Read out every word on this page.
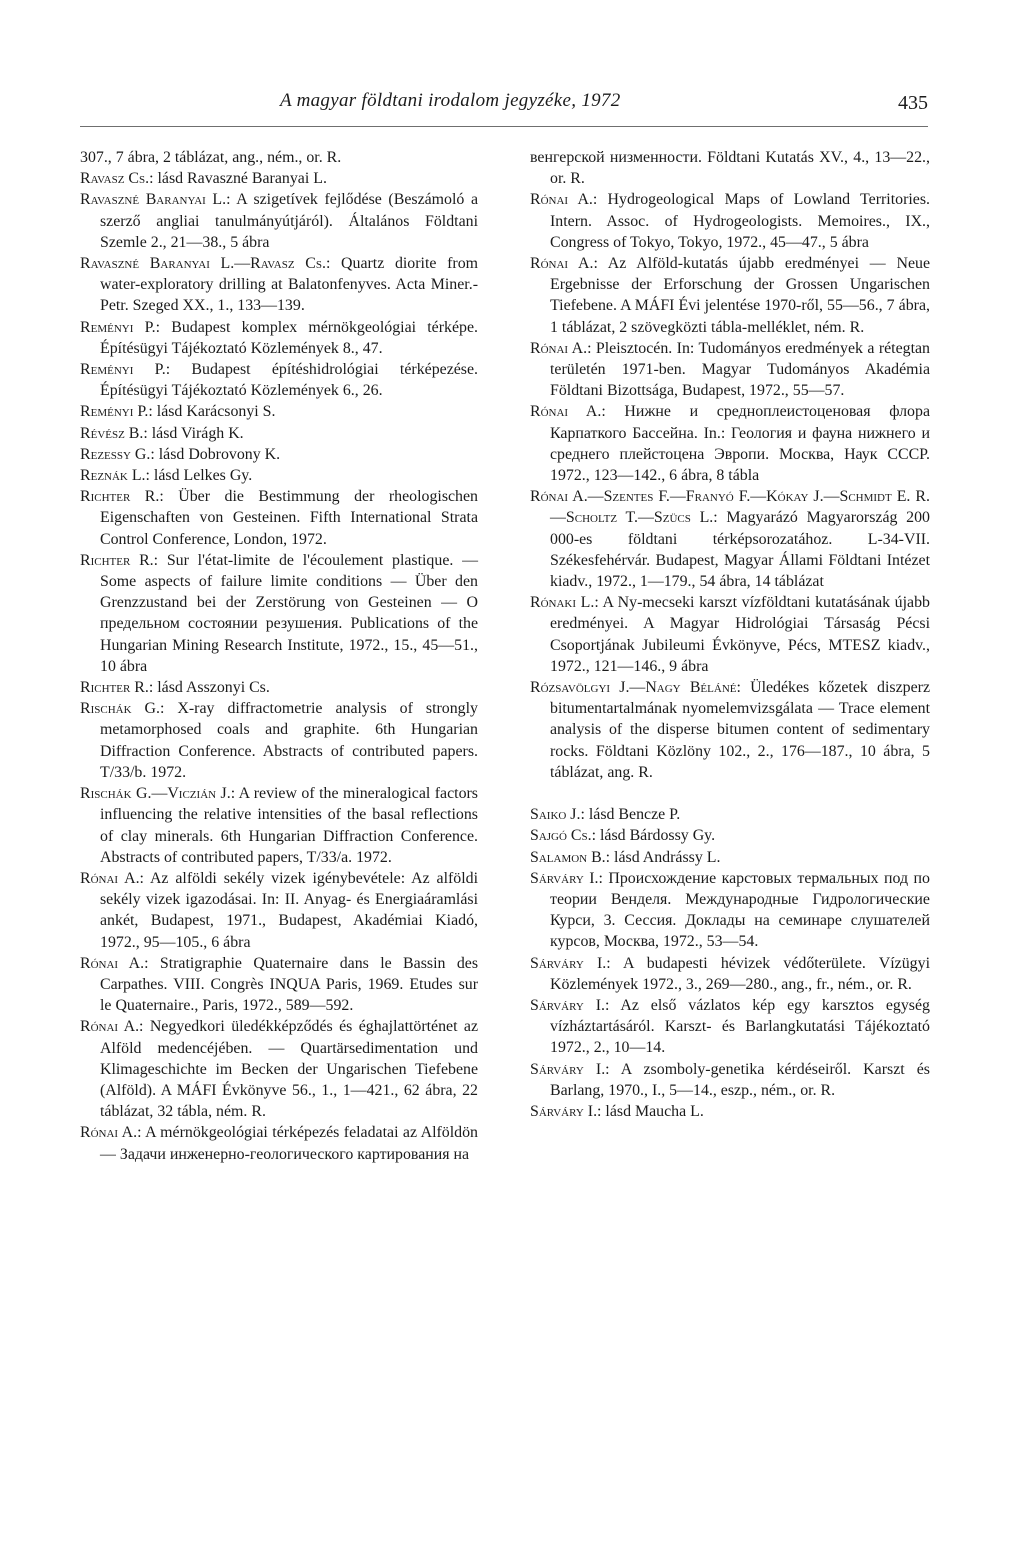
A magyar földtani irodalom jegyzéke, 1972	435

307., 7 ábra, 2 táblázat, ang., ném., or. R.

Ravasz Cs.: lásd Ravaszné Baranyai L.

Ravaszné Baranyai L.: A szigetívek fejlődése (Beszámoló a szerző angliai tanulmányútjáról). Általános Földtani Szemle 2., 21—38., 5 ábra

Ravaszné Baranyai L.—Ravasz Cs.: Quartz diorite from water-exploratory drilling at Balatonfenyves. Acta Miner.-Petr. Szeged XX., 1., 133—139.

Reményi P.: Budapest komplex mérnökgeológiai térképe. Építésügyi Tájékoztató Közlemények 8., 47.

Reményi P.: Budapest építéshidrológiai térképezése. Építésügyi Tájékoztató Közlemények 6., 26.

Reményi P.: lásd Karácsonyi S.

Révész B.: lásd Virágh K.

Rezessy G.: lásd Dobrovony K.

Reznák L.: lásd Lelkes Gy.

Richter R.: Über die Bestimmung der rheologischen Eigenschaften von Gesteinen. Fifth International Strata Control Conference, London, 1972.

Richter R.: Sur l'état-limite de l'écoulement plastique. — Some aspects of failure limite conditions — Über den Grenzzustand bei der Zerstörung von Gesteinen — О предельном состоянии резушения. Publications of the Hungarian Mining Research Institute, 1972., 15., 45—51., 10 ábra

Richter R.: lásd Asszonyi Cs.

Rischák G.: X-ray diffractometrie analysis of strongly metamorphosed coals and graphite. 6th Hungarian Diffraction Conference. Abstracts of contributed papers. T/33/b. 1972.

Rischák G.—Viczián J.: A review of the mineralogical factors influencing the relative intensities of the basal reflections of clay minerals. 6th Hungarian Diffraction Conference. Abstracts of contributed papers, T/33/a. 1972.

Rónai A.: Az alföldi sekély vizek igénybevétele: Az alföldi sekély vizek igazodásai. In: II. Anyag- és Energiaáramlási ankét, Budapest, 1971., Budapest, Akadémiai Kiadó, 1972., 95—105., 6 ábra

Rónai A.: Stratigraphie Quaternaire dans le Bassin des Carpathes. VIII. Congrès INQUA Paris, 1969. Etudes sur le Quaternaire., Paris, 1972., 589—592.

Rónai A.: Negyedkori üledékképződés és éghajlattörténet az Alföld medencéjében. — Quartärsedimentation und Klimageschichte im Becken der Ungarischen Tiefebene (Alföld). A MÁFI Évkönyve 56., 1., 1—421., 62 ábra, 22 táblázat, 32 tábla, ném. R.

Rónai A.: A mérnökgeológiai térképezés feladatai az Alföldön — Задачи инженерно-геологического картирования на

венгерской низменности. Földtani Kutatás XV., 4., 13—22., or. R.

Rónai A.: Hydrogeological Maps of Lowland Territories. Intern. Assoc. of Hydrogeologists. Memoires., IX., Congress of Tokyo, Tokyo, 1972., 45—47., 5 ábra

Rónai A.: Az Alföld-kutatás újabb eredményei — Neue Ergebnisse der Erforschung der Grossen Ungarischen Tiefebene. A MÁFI Évi jelentése 1970-ről, 55—56., 7 ábra, 1 táblázat, 2 szövegközti tábla-melléklet, ném. R.

Rónai A.: Pleisztocén. In: Tudományos eredmények a rétegtan területén 1971-ben. Magyar Tudományos Akadémia Földtani Bizottsága, Budapest, 1972., 55—57.

Rónai A.: Нижне и средноплеистоценовая флора Карпаткого Бассейна. In.: Геология и фауна нижнего и среднего плейстоцена Эвропи. Москва, Наук СССР. 1972., 123—142., 6 ábra, 8 tábla

Rónai A.—Szentes F.—Franyó F.—Kókay J.—Schmidt E. R.—Scholtz T.—Szücs L.: Magyarázó Magyarország 200 000-es földtani térképsorozatához. L-34-VII. Székesfehérvár. Budapest, Magyar Állami Földtani Intézet kiadv., 1972., 1—179., 54 ábra, 14 táblázat

Rónaki L.: A Ny-mecseki karszt vízföldtani kutatásának újabb eredményei. A Magyar Hidrológiai Társaság Pécsi Csoportjának Jubileumi Évkönyve, Pécs, MTESZ kiadv., 1972., 121—146., 9 ábra

Rózsavölgyi J.—Nagy Béláné: Üledékes kőzetek diszperz bitumentartalmának nyomelemvizsgálata — Trace element analysis of the disperse bitumen content of sedimentary rocks. Földtani Közlöny 102., 2., 176—187., 10 ábra, 5 táblázat, ang. R.

Saiko J.: lásd Bencze P.

Sajgó Cs.: lásd Bárdossy Gy.

Salamon B.: lásd Andrássy L.

Sárváry I.: Происхождение карстовых термальных под по теории Венделя. Международные Гидрологические Курси, 3. Сессия. Доклады на семинаре слушателей курсов, Москва, 1972., 53—54.

Sárváry I.: A budapesti hévizek védőterülete. Vízügyi Közlemények 1972., 3., 269—280., ang., fr., ném., or. R.

Sárváry I.: Az első vázlatos kép egy karsztos egység vízháztartásáról. Karszt- és Barlangkutatási Tájékoztató 1972., 2., 10—14.

Sárváry I.: A zsomboly-genetika kérdéseiről. Karszt és Barlang, 1970., I., 5—14., eszp., ném., or. R.

Sárváry I.: lásd Maucha L.
